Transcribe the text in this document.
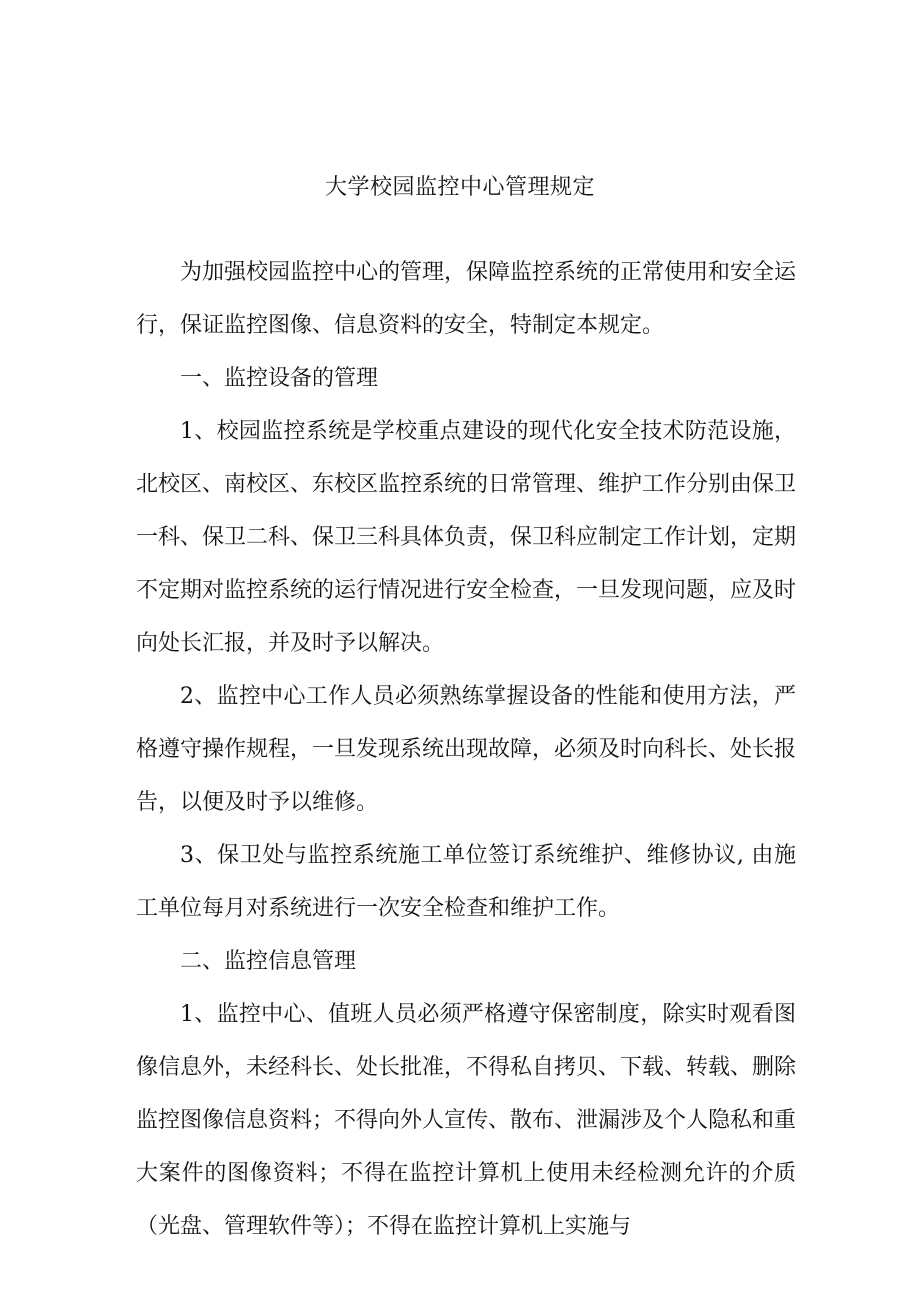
大学校园监控中心管理规定

为加强校园监控中心的管理，保障监控系统的正常使用和安全运行，保证监控图像、信息资料的安全，特制定本规定。

一、监控设备的管理

1、校园监控系统是学校重点建设的现代化安全技术防范设施，北校区、南校区、东校区监控系统的日常管理、维护工作分别由保卫一科、保卫二科、保卫三科具体负责，保卫科应制定工作计划，定期不定期对监控系统的运行情况进行安全检查，一旦发现问题，应及时向处长汇报，并及时予以解决。

2、监控中心工作人员必须熟练掌握设备的性能和使用方法，严格遵守操作规程，一旦发现系统出现故障，必须及时向科长、处长报告，以便及时予以维修。

3、保卫处与监控系统施工单位签订系统维护、维修协议, 由施工单位每月对系统进行一次安全检查和维护工作。

二、监控信息管理

1、监控中心、值班人员必须严格遵守保密制度，除实时观看图像信息外，未经科长、处长批准，不得私自拷贝、下载、转载、删除监控图像信息资料；不得向外人宣传、散布、泄漏涉及个人隐私和重大案件的图像资料；不得在监控计算机上使用未经检测允许的介质（光盘、管理软件等）；不得在监控计算机上实施与
